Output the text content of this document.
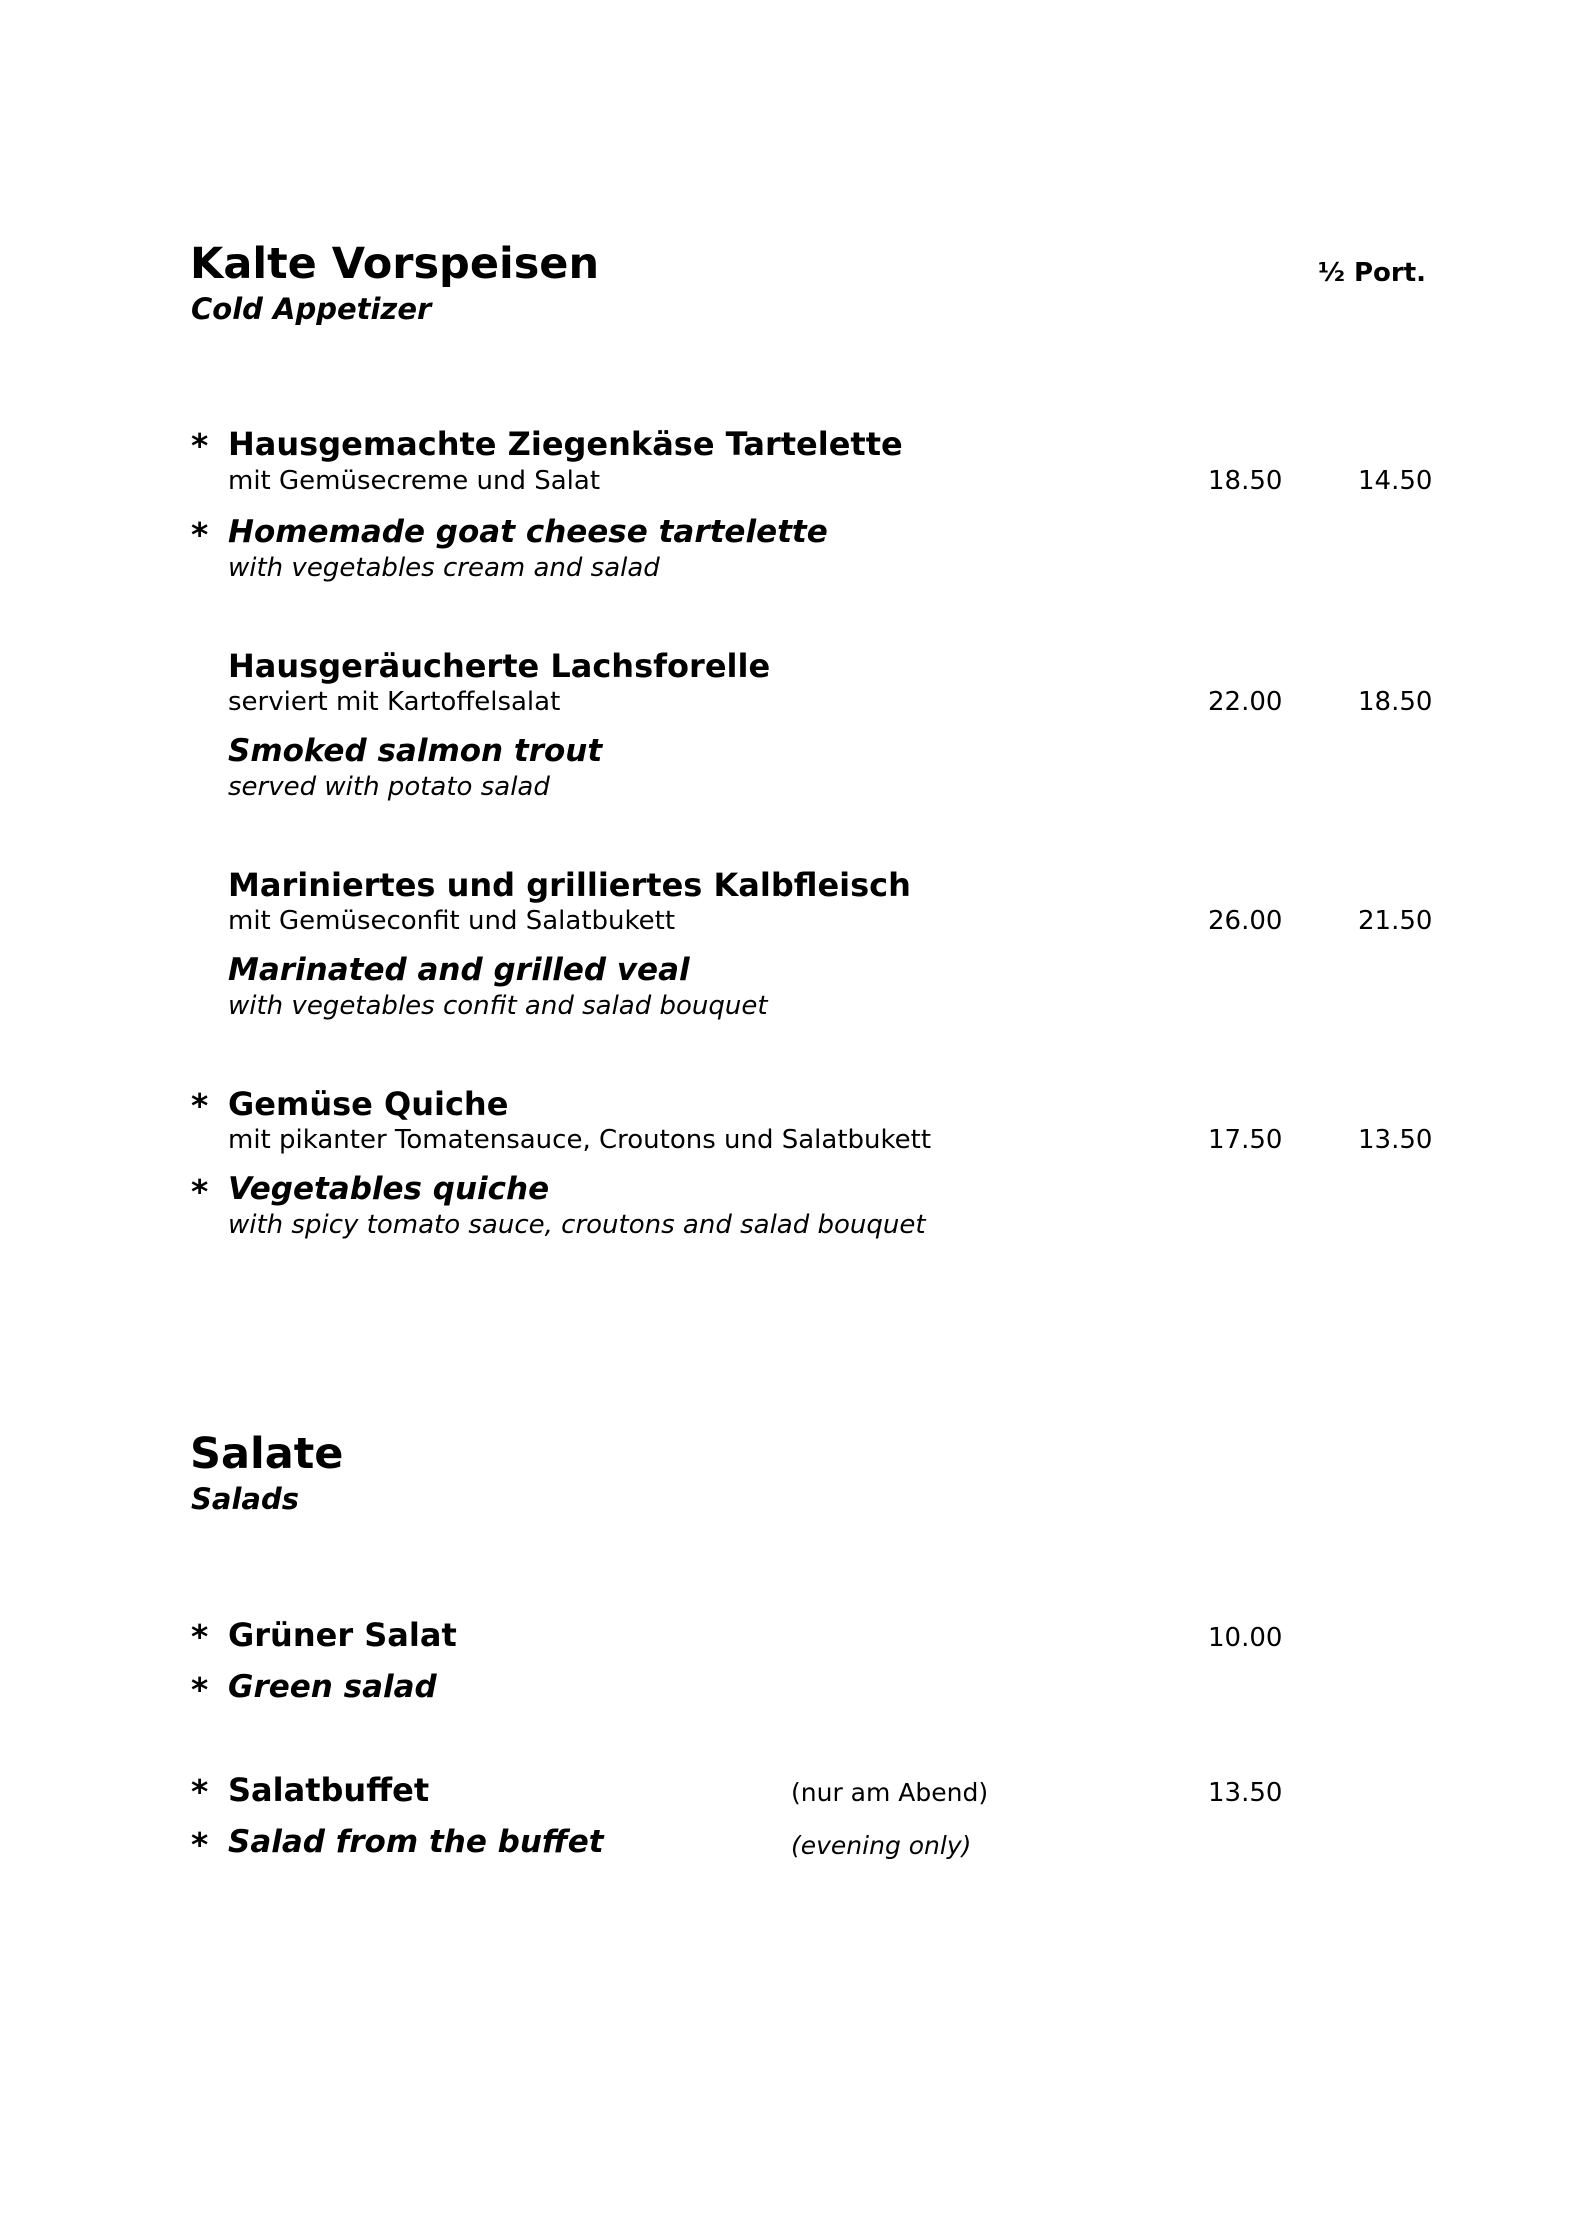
Kalte Vorspeisen
Cold Appetizer
½ Port.
* Hausgemachte Ziegenkäse Tartelette
mit Gemüsecreme und Salat	18.50	14.50
* Homemade goat cheese tartelette
with vegetables cream and salad
Hausgeräucherte Lachsforelle
serviert mit Kartoffelsalat	22.00	18.50
Smoked salmon trout
served with potato salad
Mariniertes und grilliertes Kalbfleisch
mit Gemüseconfit und Salatbukett	26.00	21.50
Marinated and grilled veal
with vegetables confit and salad bouquet
* Gemüse Quiche
mit pikanter Tomatensauce, Croutons und Salatbukett	17.50	13.50
* Vegetables quiche
with spicy tomato sauce, croutons and salad bouquet
Salate
Salads
* Grüner Salat	10.00
* Green salad
* Salatbuffet	(nur am Abend)	13.50
* Salad from the buffet	(evening only)
